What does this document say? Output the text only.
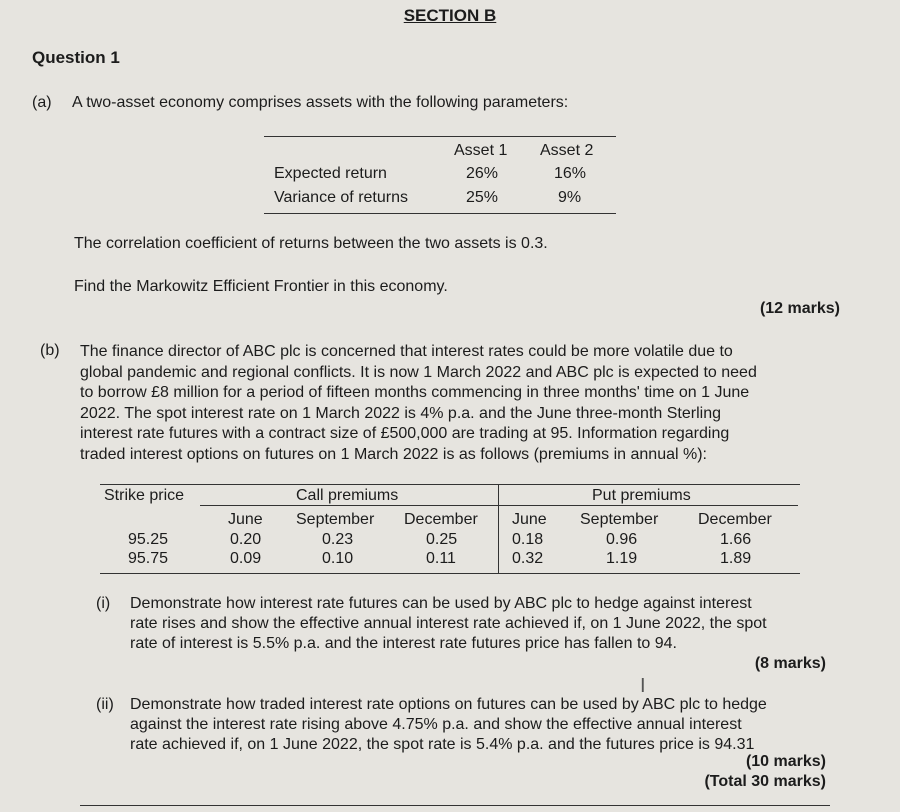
SECTION B
Question 1
(a) A two-asset economy comprises assets with the following parameters:
Asset 1 Asset 2
Expected return	26%	16%
Variance of returns	25%	9%
The correlation coefficient of returns between the two assets is 0.3.
Find the Markowitz Efficient Frontier in this economy.
(12 marks)
(b) The finance director of ABC plc is concerned that interest rates could be more volatile due to
global pandemic and regional conflicts. It is now 1 March 2022 and ABC plc is expected to need
to borrow £8 million for a period of fifteen months commencing in three months' time on 1 June
2022. The spot interest rate on 1 March 2022 is 4% p.a. and the June three-month Sterling
interest rate futures with a contract size of £500,000 are trading at 95. Information regarding
traded interest options on futures on 1 March 2022 is as follows (premiums in annual %):
Strike price	Call premiums	Put premiums
June September December June September December
95.25	0.20	0.23	0.25	0.18	0.96	1.66
95.75	0.09	0.10	0.11	0.32	1.19	1.89
(i) Demonstrate how interest rate futures can be used by ABC plc to hedge against interest
rate rises and show the effective annual interest rate achieved if, on 1 June 2022, the spot
rate of interest is 5.5% p.a. and the interest rate futures price has fallen to 94.
(8 marks)
(ii) Demonstrate how traded interest rate options on futures can be used by ABC plc to hedge
against the interest rate rising above 4.75% p.a. and show the effective annual interest
rate achieved if, on 1 June 2022, the spot rate is 5.4% p.a. and the futures price is 94.31
(10 marks)
(Total 30 marks)
I
